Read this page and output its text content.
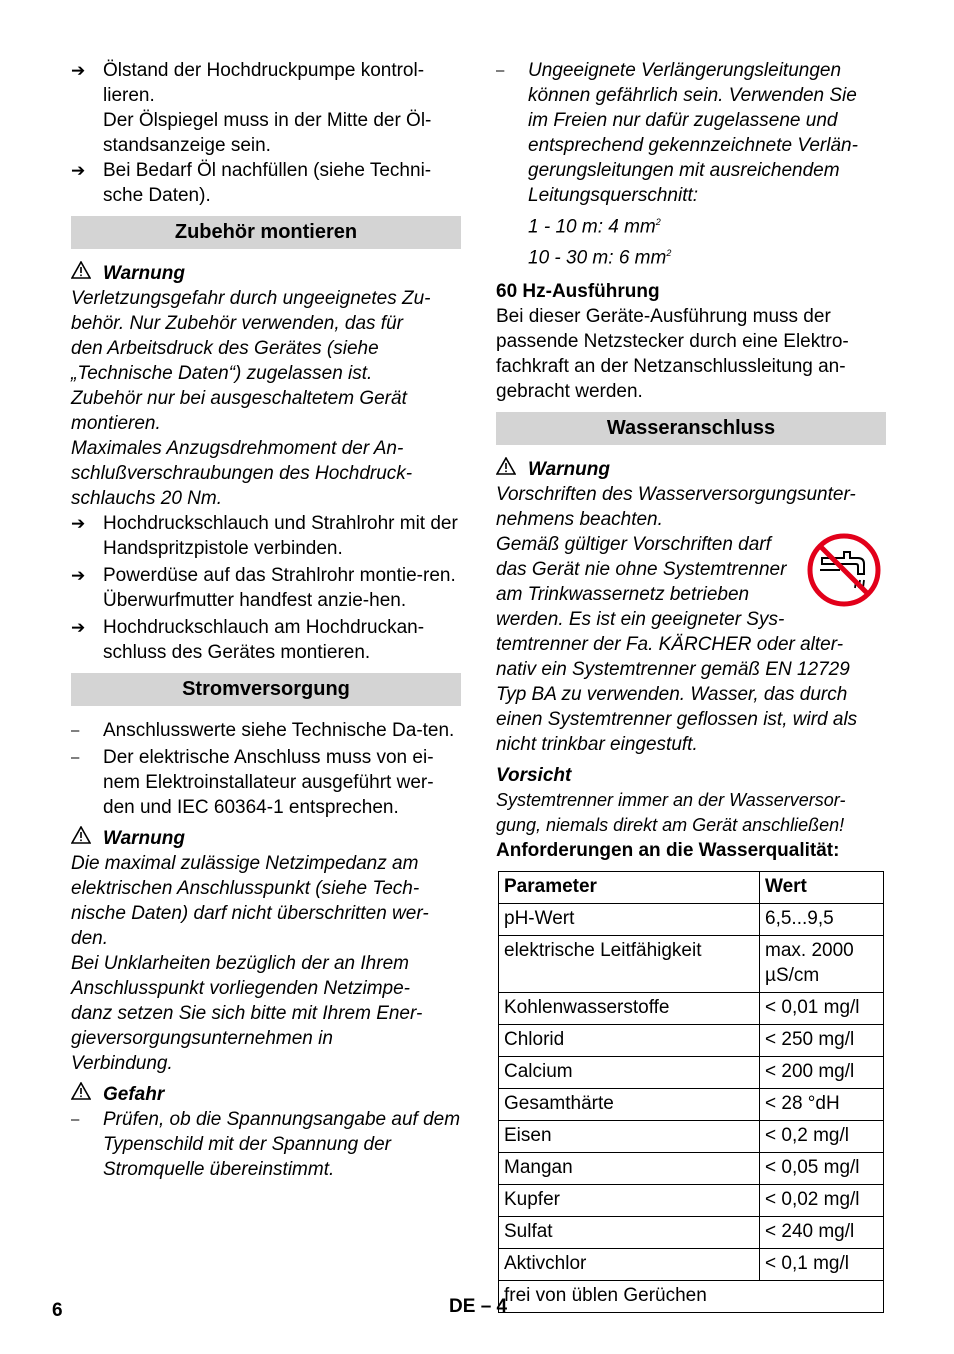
➔ Ölstand der Hochdruckpumpe kontrol-lieren.

Der Ölspiegel muss in der Mitte der Öl-

standsanzeige sein.

➔ Bei Bedarf Öl nachfüllen (siehe Techni-sche Daten).

Zubehör montieren
Warnung

Verletzungsgefahr durch ungeeignetes Zu-

behör. Nur Zubehör verwenden, das für

den Arbeitsdruck des Gerätes (siehe

„Technische Daten“) zugelassen ist.

Zubehör nur bei ausgeschaltetem Gerät

montieren.

Maximales Anzugsdrehmoment der An-

schlußverschraubungen des Hochdruck-

schlauchs 20 Nm.

➔ Hochdruckschlauch und Strahlrohr mit der Handspritzpistole verbinden.

➔ Powerdüse auf das Strahlrohr montie-ren. Überwurfmutter handfest anzie-hen.

➔ Hochdruckschlauch am Hochdruckan-schluss des Gerätes montieren.

Stromversorgung
–	Anschlusswerte siehe Technische Da-ten.

–	Der elektrische Anschluss muss von ei-nem Elektroinstallateur ausgeführt wer-den und IEC 60364-1 entsprechen.

Warnung

Die maximal zulässige Netzimpedanz am

elektrischen Anschlusspunkt (siehe Tech-

nische Daten) darf nicht überschritten wer-

den.

Bei Unklarheiten bezüglich der an Ihrem

Anschlusspunkt vorliegenden Netzimpe-

danz setzen Sie sich bitte mit Ihrem Ener-

gieversorgungsunternehmen in

Verbindung.

Gefahr
–	Prüfen, ob die Spannungsangabe auf dem Typenschild mit der Spannung der Stromquelle übereinstimmt.

–	Ungeeignete Verlängerungsleitungen

können gefährlich sein. Verwenden Sie

im Freien nur dafür zugelassene und

entsprechend gekennzeichnete Verlän-

gerungsleitungen mit ausreichendem

Leitungsquerschnitt:

1 - 10 m: 4 $mm^2$

10 - 30 m: 6 $mm^2$

60 Hz-Ausführung

Bei dieser Geräte-Ausführung muss der

passende Netzstecker durch eine Elektro-

fachkraft an der Netzanschlussleitung an-

gebracht werden.

Wasseranschluss
Warnung

Vorschriften des Wasserversorgungsunter-

nehmens beachten.

Gemäß gültiger Vorschriften darf

das Gerät nie ohne Systemtrenner

am Trinkwassernetz betrieben

werden. Es ist ein geeigneter Sys-

temtrenner der Fa. KÄRCHER oder alter-

nativ ein Systemtrenner gemäß EN 12729

Typ BA zu verwenden. Wasser, das durch

einen Systemtrenner geflossen ist, wird als

nicht trinkbar eingestuft.

Vorsicht

Systemtrenner immer an der Wasserversor-

gung, niemals direkt am Gerät anschließen!

Anforderungen an die Wasserqualität:

Parameter	Wert
pH-Wert	6,5...9,5
elektrische Leitfähigkeit	max. 2000 µS/cm
Kohlenwasserstoffe	< 0,01 mg/l
Chlorid	< 250 mg/l
Calcium	< 200 mg/l
Gesamthärte	< 28 °dH
Eisen	< 0,2 mg/l
Mangan	< 0,05 mg/l
Kupfer	< 0,02 mg/l
Sulfat	< 240 mg/l
Aktivchlor	< 0,1 mg/l
frei von üblen Gerüchen	
6	DE – 4
